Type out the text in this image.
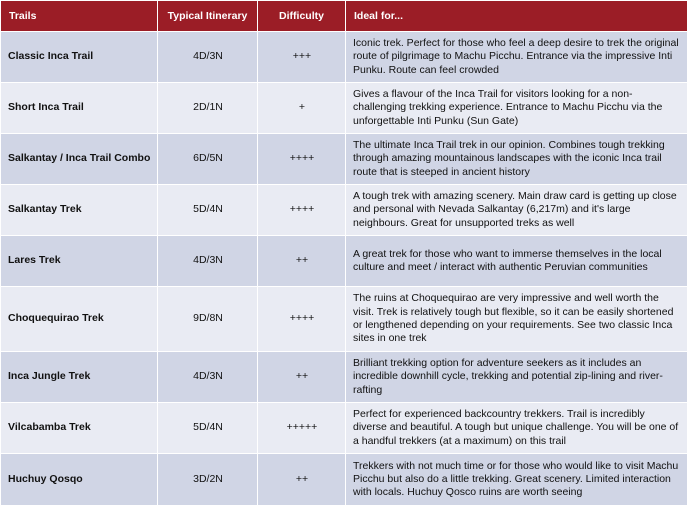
Trails	Typical Itinerary	Difficulty	Ideal for...
Classic Inca Trail	4D/3N	+++	Iconic trek. Perfect for those who feel a deep desire to trek the original route of pilgrimage to Machu Picchu. Entrance via the impressive Inti Punku. Route can feel crowded
Short Inca Trail	2D/1N	+	Gives a flavour of the Inca Trail for visitors looking for a non-challenging trekking experience. Entrance to Machu Picchu via the unforgettable Inti Punku (Sun Gate)
Salkantay / Inca Trail Combo	6D/5N	++++	The ultimate Inca Trail trek in our opinion. Combines tough trekking through amazing mountainous landscapes with the iconic Inca trail route that is steeped in ancient history
Salkantay Trek	5D/4N	++++	A tough trek with amazing scenery. Main draw card is getting up close and personal with Nevada Salkantay (6,217m) and it's large neighbours. Great for unsupported treks as well
Lares Trek	4D/3N	++	A great trek for those who want to immerse themselves in the local culture and meet / interact with authentic Peruvian communities
Choquequirao Trek	9D/8N	++++	The ruins at Choquequirao are very impressive and well worth the visit. Trek is relatively tough but flexible, so it can be easily shortened or lengthened depending on your requirements. See two classic Inca sites in one trek
Inca Jungle Trek	4D/3N	++	Brilliant trekking option for adventure seekers as it includes an incredible downhill cycle, trekking and potential zip-lining and river-rafting
Vilcabamba Trek	5D/4N	+++++	Perfect for experienced backcountry trekkers. Trail is incredibly diverse and beautiful. A tough but unique challenge. You will be one of a handful trekkers (at a maximum) on this trail
Huchuy Qosqo	3D/2N	++	Trekkers with not much time or for those who would like to visit Machu Picchu but also do a little trekking. Great scenery. Limited interaction with locals. Huchuy Qosco ruins are worth seeing
